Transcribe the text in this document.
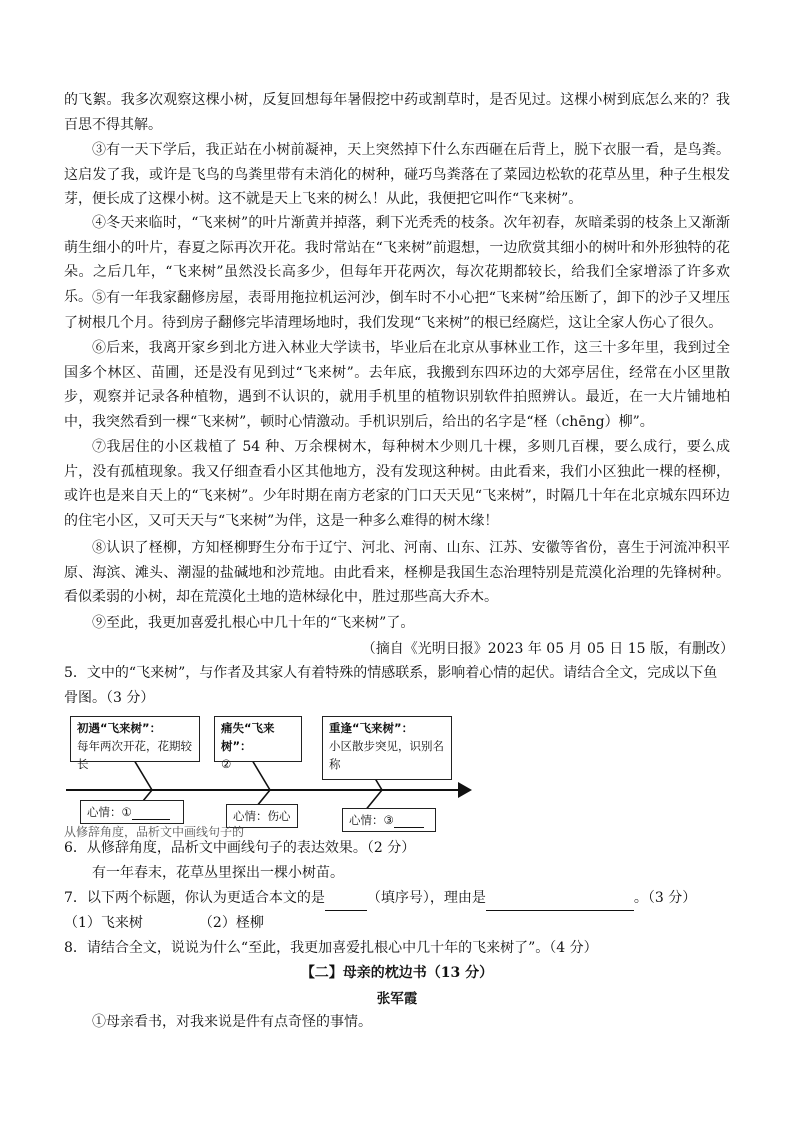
的飞絮。我多次观察这棵小树，反复回想每年暑假挖中药或割草时，是否见过。这棵小树到底怎么来的？我百思不得其解。

③有一天下学后，我正站在小树前凝神，天上突然掉下什么东西砸在后背上，脱下衣服一看，是鸟粪。这启发了我，或许是飞鸟的鸟粪里带有未消化的树种，碰巧鸟粪落在了菜园边松软的花草丛里，种子生根发芽，便长成了这棵小树。这不就是天上飞来的树么！从此，我便把它叫作“飞来树”。

④冬天来临时，“飞来树”的叶片渐黄并掉落，剩下光秃秃的枝条。次年初春，灰暗柔弱的枝条上又渐渐萌生细小的叶片，春夏之际再次开花。我时常站在“飞来树”前遐想，一边欣赏其细小的树叶和外形独特的花朵。之后几年，“飞来树”虽然没长高多少，但每年开花两次，每次花期都较长，给我们全家增添了许多欢乐。 ⑤有一年我家翻修房屋，表哥用拖拉机运河沙，倒车时不小心把“飞来树”给压断了，卸下的沙子又埋压了树根几个月。待到房子翻修完毕清理场地时，我们发现“飞来树”的根已经腐烂，这让全家人伤心了很久。

⑥后来，我离开家乡到北方进入林业大学读书，毕业后在北京从事林业工作，这三十多年里，我到过全国多个林区、苗圃，还是没有见到过“飞来树”。去年底，我搬到东四环边的大郊亭居住，经常在小区里散步，观察并记录各种植物，遇到不认识的，就用手机里的植物识别软件拍照辨认。最近，在一大片铺地柏中，我突然看到一棵“飞来树”，顿时心情激动。手机识别后，给出的名字是“柽（chēng）柳”。

⑦我居住的小区栽植了 54 种、万余棵树木，每种树木少则几十棵，多则几百棵，要么成行，要么成片，没有孤植现象。我又仔细查看小区其他地方，没有发现这种树。由此看来，我们小区独此一棵的柽柳，或许也是来自天上的“飞来树”。少年时期在南方老家的门口天天见“飞来树”，时隔几十年在北京城东四环边的住宅小区，又可天天与“飞来树”为伴，这是一种多么难得的树木缘！

⑧认识了柽柳，方知柽柳野生分布于辽宁、河北、河南、山东、江苏、安徽等省份，喜生于河流冲积平原、海滨、滩头、潮湿的盐碱地和沙荒地。由此看来，柽柳是我国生态治理特别是荒漠化治理的先锋树种。看似柔弱的小树，却在荒漠化土地的造林绿化中，胜过那些高大乔木。

⑨至此，我更加喜爱扎根心中几十年的“飞来树”了。

（摘自《光明日报》2023 年 05 月 05 日 15 版，有删改）

5．文中的“飞来树”，与作者及其家人有着特殊的情感联系，影响着心情的起伏。请结合全文，完成以下鱼骨图。（3 分）

初遇“飞来树”：
每年两次开花，花期较长
痛失“飞来树”：
②
重逢“飞来树”：
小区散步突见，识别名称
心情：①	心情：伤心	心情：③
从修辞角度，品析文中画线句子的

6．从修辞角度，品析文中画线句子的表达效果。（2 分）

有一年春末，花草丛里探出一棵小树苗。

7．以下两个标题，你认为更适合本文的是	（填序号），理由是	。（3 分）

（1）飞来树	（2）柽柳

8．请结合全文，说说为什么“至此，我更加喜爱扎根心中几十年的飞来树了”。（4 分）

【二】母亲的枕边书（13 分）
张军霞

①母亲看书，对我来说是件有点奇怪的事情。
